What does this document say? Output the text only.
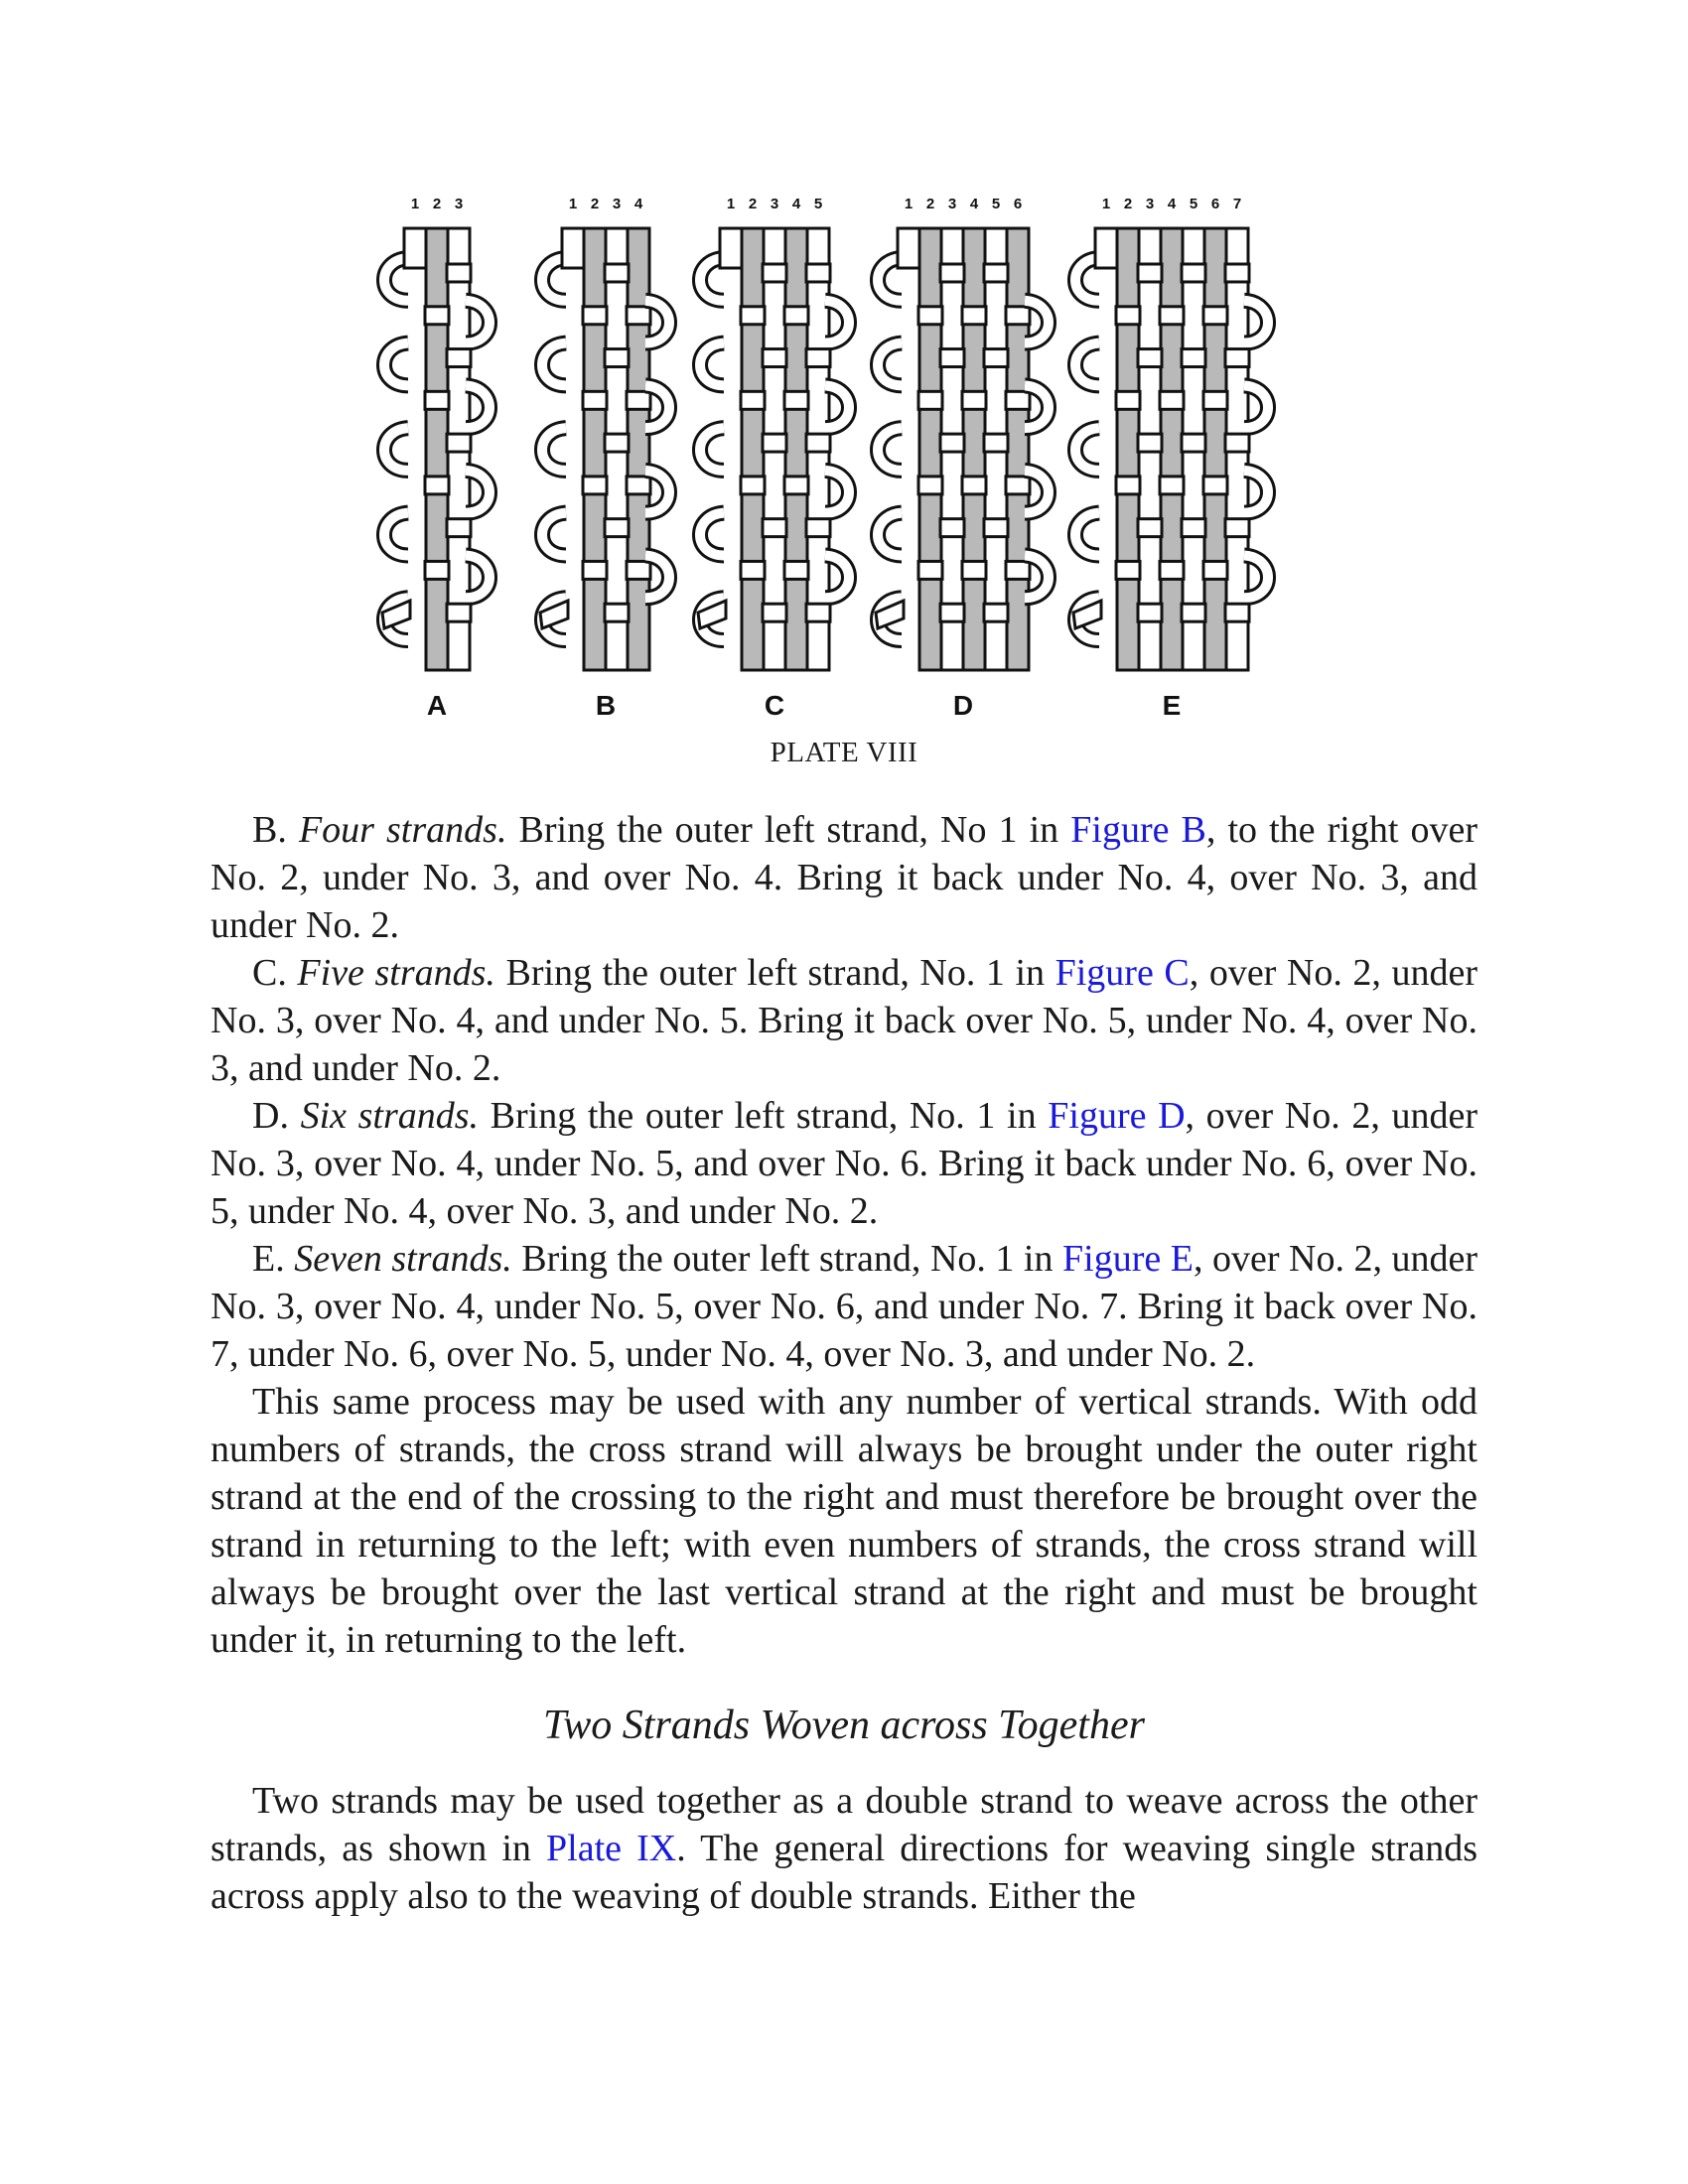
1 2 3
A
1 2 3 4
B
1 2 3 4 5
C
1 2 3 4 5 6
D
1 2 3 4 5 6 7
E
PLATE VIII

B. Four strands. Bring the outer left strand, No 1 in Figure B, to the right over No. 2, under No. 3, and over No. 4. Bring it back under No. 4, over No. 3, and under No. 2.

C. Five strands. Bring the outer left strand, No. 1 in Figure C, over No. 2, under No. 3, over No. 4, and under No. 5. Bring it back over No. 5, under No. 4, over No. 3, and under No. 2.

D. Six strands. Bring the outer left strand, No. 1 in Figure D, over No. 2, under No. 3, over No. 4, under No. 5, and over No. 6. Bring it back under No. 6, over No. 5, under No. 4, over No. 3, and under No. 2.

E. Seven strands. Bring the outer left strand, No. 1 in Figure E, over No. 2, under No. 3, over No. 4, under No. 5, over No. 6, and under No. 7. Bring it back over No. 7, under No. 6, over No. 5, under No. 4, over No. 3, and under No. 2.

This same process may be used with any number of vertical strands. With odd numbers of strands, the cross strand will always be brought under the outer right strand at the end of the crossing to the right and must therefore be brought over the strand in returning to the left; with even numbers of strands, the cross strand will always be brought over the last vertical strand at the right and must be brought under it, in returning to the left.

Two Strands Woven across Together

Two strands may be used together as a double strand to weave across the other strands, as shown in Plate IX. The general directions for weaving single strands across apply also to the weaving of double strands. Either the
